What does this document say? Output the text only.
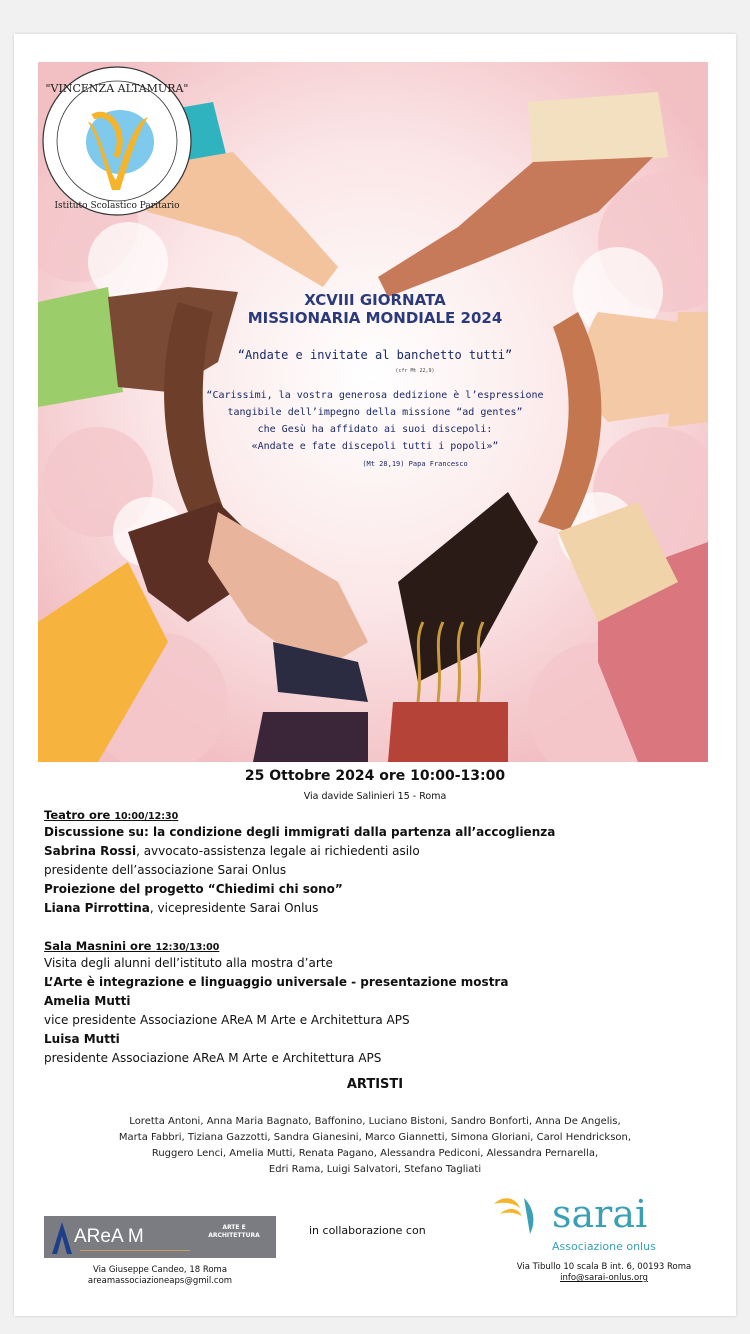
"VINCENZA ALTAMURA"
Istituto Scolastico Paritario
XCVIII GIORNATA
MISSIONARIA MONDIALE 2024
“Andate e invitate al banchetto tutti”
(cfr Mt 22,9)
“Carissimi, la vostra generosa dedizione è l’espressione
tangibile dell’impegno della missione “ad gentes”
che Gesù ha affidato ai suoi discepoli:
«Andate e fate discepoli tutti i popoli»”
(Mt 28,19) Papa Francesco
25 Ottobre 2024 ore 10:00-13:00
Via davide Salinieri 15 - Roma
Teatro ore 10:00/12:30
Discussione su: la condizione degli immigrati dalla partenza all’accoglienza
Sabrina Rossi, avvocato-assistenza legale ai richiedenti asilo
presidente dell’associazione Sarai Onlus
Proiezione del progetto “Chiedimi chi sono”
Liana Pirrottina, vicepresidente Sarai Onlus
Sala Masnini ore 12:30/13:00
Visita degli alunni dell’istituto alla mostra d’arte
L’Arte è integrazione e linguaggio universale - presentazione mostra
Amelia Mutti
vice presidente Associazione AReA M Arte e Architettura APS
Luisa Mutti
presidente Associazione AReA M Arte e Architettura APS
ARTISTI
Loretta Antoni, Anna Maria Bagnato, Baffonino, Luciano Bistoni, Sandro Bonforti, Anna De Angelis,
Marta Fabbri, Tiziana Gazzotti, Sandra Gianesini, Marco Giannetti, Simona Gloriani, Carol Hendrickson,
Ruggero Lenci, Amelia Mutti, Renata Pagano, Alessandra Pediconi, Alessandra Pernarella,
Edri Rama, Luigi Salvatori, Stefano Tagliati
AReA M	ARTE E
ARCHITETTURA
Via Giuseppe Candeo, 18 Roma
areamassociazioneaps@gmil.com
in collaborazione con	sarai
Associazione onlus
Via Tibullo 10 scala B int. 6, 00193 Roma
info@sarai-onlus.org
